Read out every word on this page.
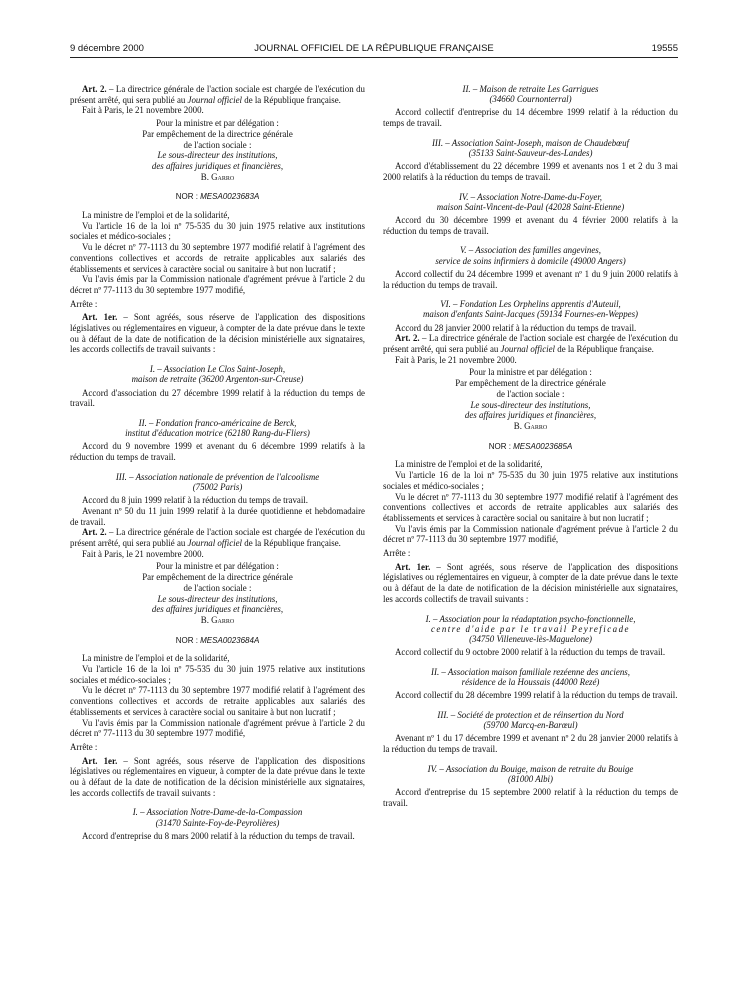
9 décembre 2000	JOURNAL OFFICIEL DE LA RÉPUBLIQUE FRANÇAISE	19555

Art. 2. – La directrice générale de l'action sociale est chargée de l'exécution du présent arrêté, qui sera publié au Journal officiel de la République française.

Fait à Paris, le 21 novembre 2000.

Pour la ministre et par délégation :
Par empêchement de la directrice générale
de l'action sociale :
Le sous-directeur des institutions,
des affaires juridiques et financières,
B. Garro
NOR : MESA0023683A

La ministre de l'emploi et de la solidarité,

Vu l'article 16 de la loi nº 75-535 du 30 juin 1975 relative aux institutions sociales et médico-sociales ;

Vu le décret nº 77-1113 du 30 septembre 1977 modifié relatif à l'agrément des conventions collectives et accords de retraite applicables aux salariés des établissements et services à caractère social ou sanitaire à but non lucratif ;

Vu l'avis émis par la Commission nationale d'agrément prévue à l'article 2 du décret nº 77-1113 du 30 septembre 1977 modifié,

Arrête :

Art. 1er. – Sont agréés, sous réserve de l'application des dispositions législatives ou réglementaires en vigueur, à compter de la date prévue dans le texte ou à défaut de la date de notification de la décision ministérielle aux signataires, les accords collectifs de travail suivants :

I. – Association Le Clos Saint-Joseph,
maison de retraite (36200 Argenton-sur-Creuse)

Accord d'association du 27 décembre 1999 relatif à la réduction du temps de travail.

II. – Fondation franco-américaine de Berck,
institut d'éducation motrice (62180 Rang-du-Fliers)

Accord du 9 novembre 1999 et avenant du 6 décembre 1999 relatifs à la réduction du temps de travail.

III. – Association nationale de prévention de l'alcoolisme
(75002 Paris)

Accord du 8 juin 1999 relatif à la réduction du temps de travail.

Avenant nº 50 du 11 juin 1999 relatif à la durée quotidienne et hebdomadaire de travail.

Art. 2. – La directrice générale de l'action sociale est chargée de l'exécution du présent arrêté, qui sera publié au Journal officiel de la République française.

Fait à Paris, le 21 novembre 2000.

Pour la ministre et par délégation :
Par empêchement de la directrice générale
de l'action sociale :
Le sous-directeur des institutions,
des affaires juridiques et financières,
B. Garro
NOR : MESA0023684A

La ministre de l'emploi et de la solidarité,

Vu l'article 16 de la loi nº 75-535 du 30 juin 1975 relative aux institutions sociales et médico-sociales ;

Vu le décret nº 77-1113 du 30 septembre 1977 modifié relatif à l'agrément des conventions collectives et accords de retraite applicables aux salariés des établissements et services à caractère social ou sanitaire à but non lucratif ;

Vu l'avis émis par la Commission nationale d'agrément prévue à l'article 2 du décret nº 77-1113 du 30 septembre 1977 modifié,

Arrête :

Art. 1er. – Sont agréés, sous réserve de l'application des dispositions législatives ou réglementaires en vigueur, à compter de la date prévue dans le texte ou à défaut de la date de notification de la décision ministérielle aux signataires, les accords collectifs de travail suivants :

I. – Association Notre-Dame-de-la-Compassion
(31470 Sainte-Foy-de-Peyrolières)

Accord d'entreprise du 8 mars 2000 relatif à la réduction du temps de travail.

II. – Maison de retraite Les Garrigues
(34660 Cournonterral)

Accord collectif d'entreprise du 14 décembre 1999 relatif à la réduction du temps de travail.

III. – Association Saint-Joseph, maison de Chaudebœuf
(35133 Saint-Sauveur-des-Landes)

Accord d'établissement du 22 décembre 1999 et avenants nos 1 et 2 du 3 mai 2000 relatifs à la réduction du temps de travail.

IV. – Association Notre-Dame-du-Foyer,
maison Saint-Vincent-de-Paul (42028 Saint-Etienne)

Accord du 30 décembre 1999 et avenant du 4 février 2000 relatifs à la réduction du temps de travail.

V. – Association des familles angevines,
service de soins infirmiers à domicile (49000 Angers)

Accord collectif du 24 décembre 1999 et avenant nº 1 du 9 juin 2000 relatifs à la réduction du temps de travail.

VI. – Fondation Les Orphelins apprentis d'Auteuil,
maison d'enfants Saint-Jacques (59134 Fournes-en-Weppes)

Accord du 28 janvier 2000 relatif à la réduction du temps de travail.

Art. 2. – La directrice générale de l'action sociale est chargée de l'exécution du présent arrêté, qui sera publié au Journal officiel de la République française.

Fait à Paris, le 21 novembre 2000.

Pour la ministre et par délégation :
Par empêchement de la directrice générale
de l'action sociale :
Le sous-directeur des institutions,
des affaires juridiques et financières,
B. Garro
NOR : MESA0023685A

La ministre de l'emploi et de la solidarité,

Vu l'article 16 de la loi nº 75-535 du 30 juin 1975 relative aux institutions sociales et médico-sociales ;

Vu le décret nº 77-1113 du 30 septembre 1977 modifié relatif à l'agrément des conventions collectives et accords de retraite applicables aux salariés des établissements et services à caractère social ou sanitaire à but non lucratif ;

Vu l'avis émis par la Commission nationale d'agrément prévue à l'article 2 du décret nº 77-1113 du 30 septembre 1977 modifié,

Arrête :

Art. 1er. – Sont agréés, sous réserve de l'application des dispositions législatives ou réglementaires en vigueur, à compter de la date prévue dans le texte ou à défaut de la date de notification de la décision ministérielle aux signataires, les accords collectifs de travail suivants :

I. – Association pour la réadaptation psycho-fonctionnelle,
centre d'aide par le travail Peyreficade
(34750 Villeneuve-lès-Maguelone)

Accord collectif du 9 octobre 2000 relatif à la réduction du temps de travail.

II. – Association maison familiale rezéenne des anciens,
résidence de la Houssais (44000 Rezé)

Accord collectif du 28 décembre 1999 relatif à la réduction du temps de travail.

III. – Société de protection et de réinsertion du Nord
(59700 Marcq-en-Barœul)

Avenant nº 1 du 17 décembre 1999 et avenant nº 2 du 28 janvier 2000 relatifs à la réduction du temps de travail.

IV. – Association du Bouige, maison de retraite du Bouige
(81000 Albi)

Accord d'entreprise du 15 septembre 2000 relatif à la réduction du temps de travail.
